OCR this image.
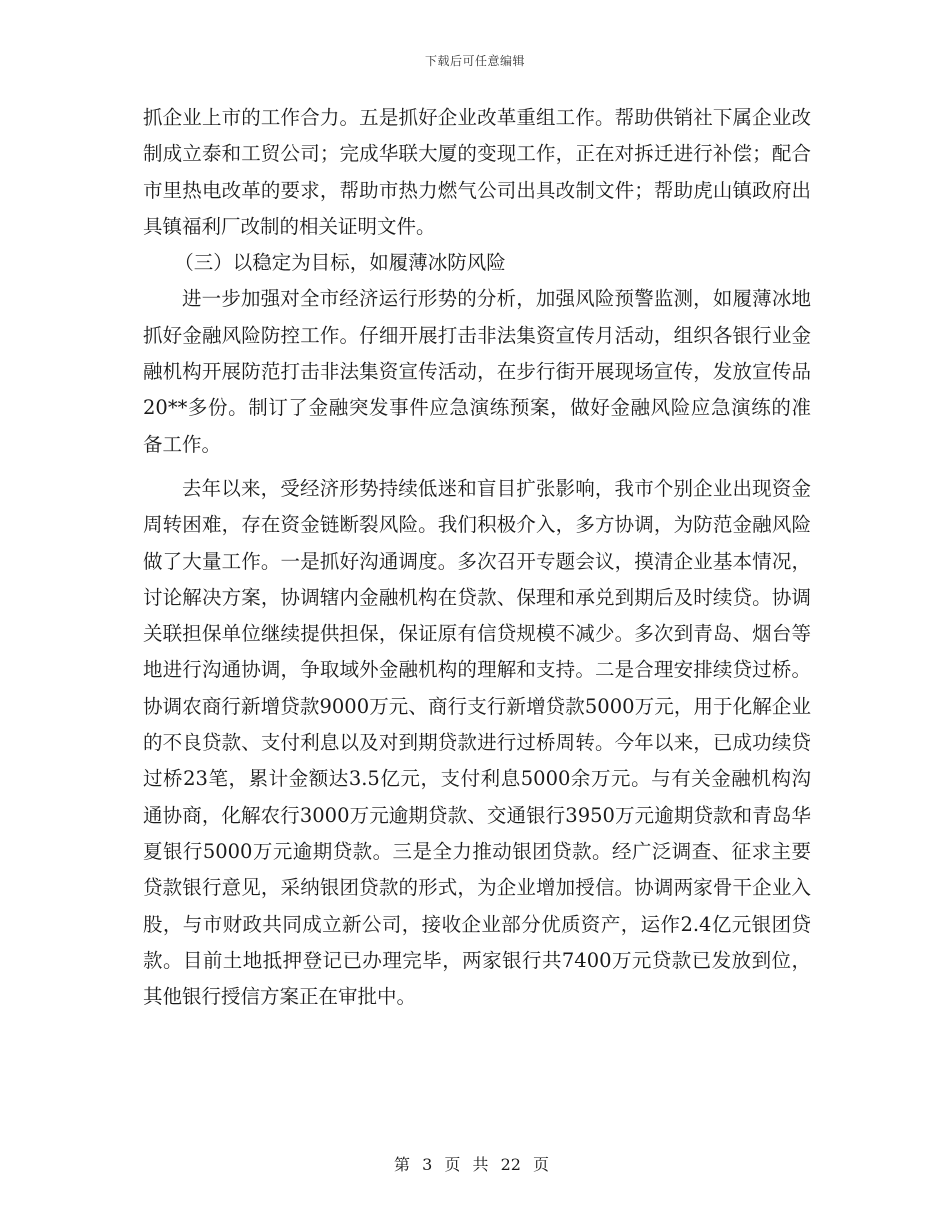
下载后可任意编辑

抓企业上市的工作合力。五是抓好企业改革重组工作。帮助供销社下属企业改制成立泰和工贸公司；完成华联大厦的变现工作，正在对拆迁进行补偿；配合市里热电改革的要求，帮助市热力燃气公司出具改制文件；帮助虎山镇政府出具镇福利厂改制的相关证明文件。

（三）以稳定为目标，如履薄冰防风险

进一步加强对全市经济运行形势的分析，加强风险预警监测，如履薄冰地抓好金融风险防控工作。仔细开展打击非法集资宣传月活动，组织各银行业金融机构开展防范打击非法集资宣传活动，在步行街开展现场宣传，发放宣传品20**多份。制订了金融突发事件应急演练预案，做好金融风险应急演练的准备工作。

去年以来，受经济形势持续低迷和盲目扩张影响，我市个别企业出现资金周转困难，存在资金链断裂风险。我们积极介入，多方协调，为防范金融风险做了大量工作。一是抓好沟通调度。多次召开专题会议，摸清企业基本情况，讨论解决方案，协调辖内金融机构在贷款、保理和承兑到期后及时续贷。协调关联担保单位继续提供担保，保证原有信贷规模不减少。多次到青岛、烟台等地进行沟通协调，争取域外金融机构的理解和支持。二是合理安排续贷过桥。协调农商行新增贷款9000万元、商行支行新增贷款5000万元，用于化解企业的不良贷款、支付利息以及对到期贷款进行过桥周转。今年以来，已成功续贷过桥23笔，累计金额达3.5亿元，支付利息5000余万元。与有关金融机构沟通协商，化解农行3000万元逾期贷款、交通银行3950万元逾期贷款和青岛华夏银行5000万元逾期贷款。三是全力推动银团贷款。经广泛调查、征求主要贷款银行意见，采纳银团贷款的形式，为企业增加授信。协调两家骨干企业入股，与市财政共同成立新公司，接收企业部分优质资产，运作2.4亿元银团贷款。目前土地抵押登记已办理完毕，两家银行共7400万元贷款已发放到位，其他银行授信方案正在审批中。

第 3 页 共 22 页
